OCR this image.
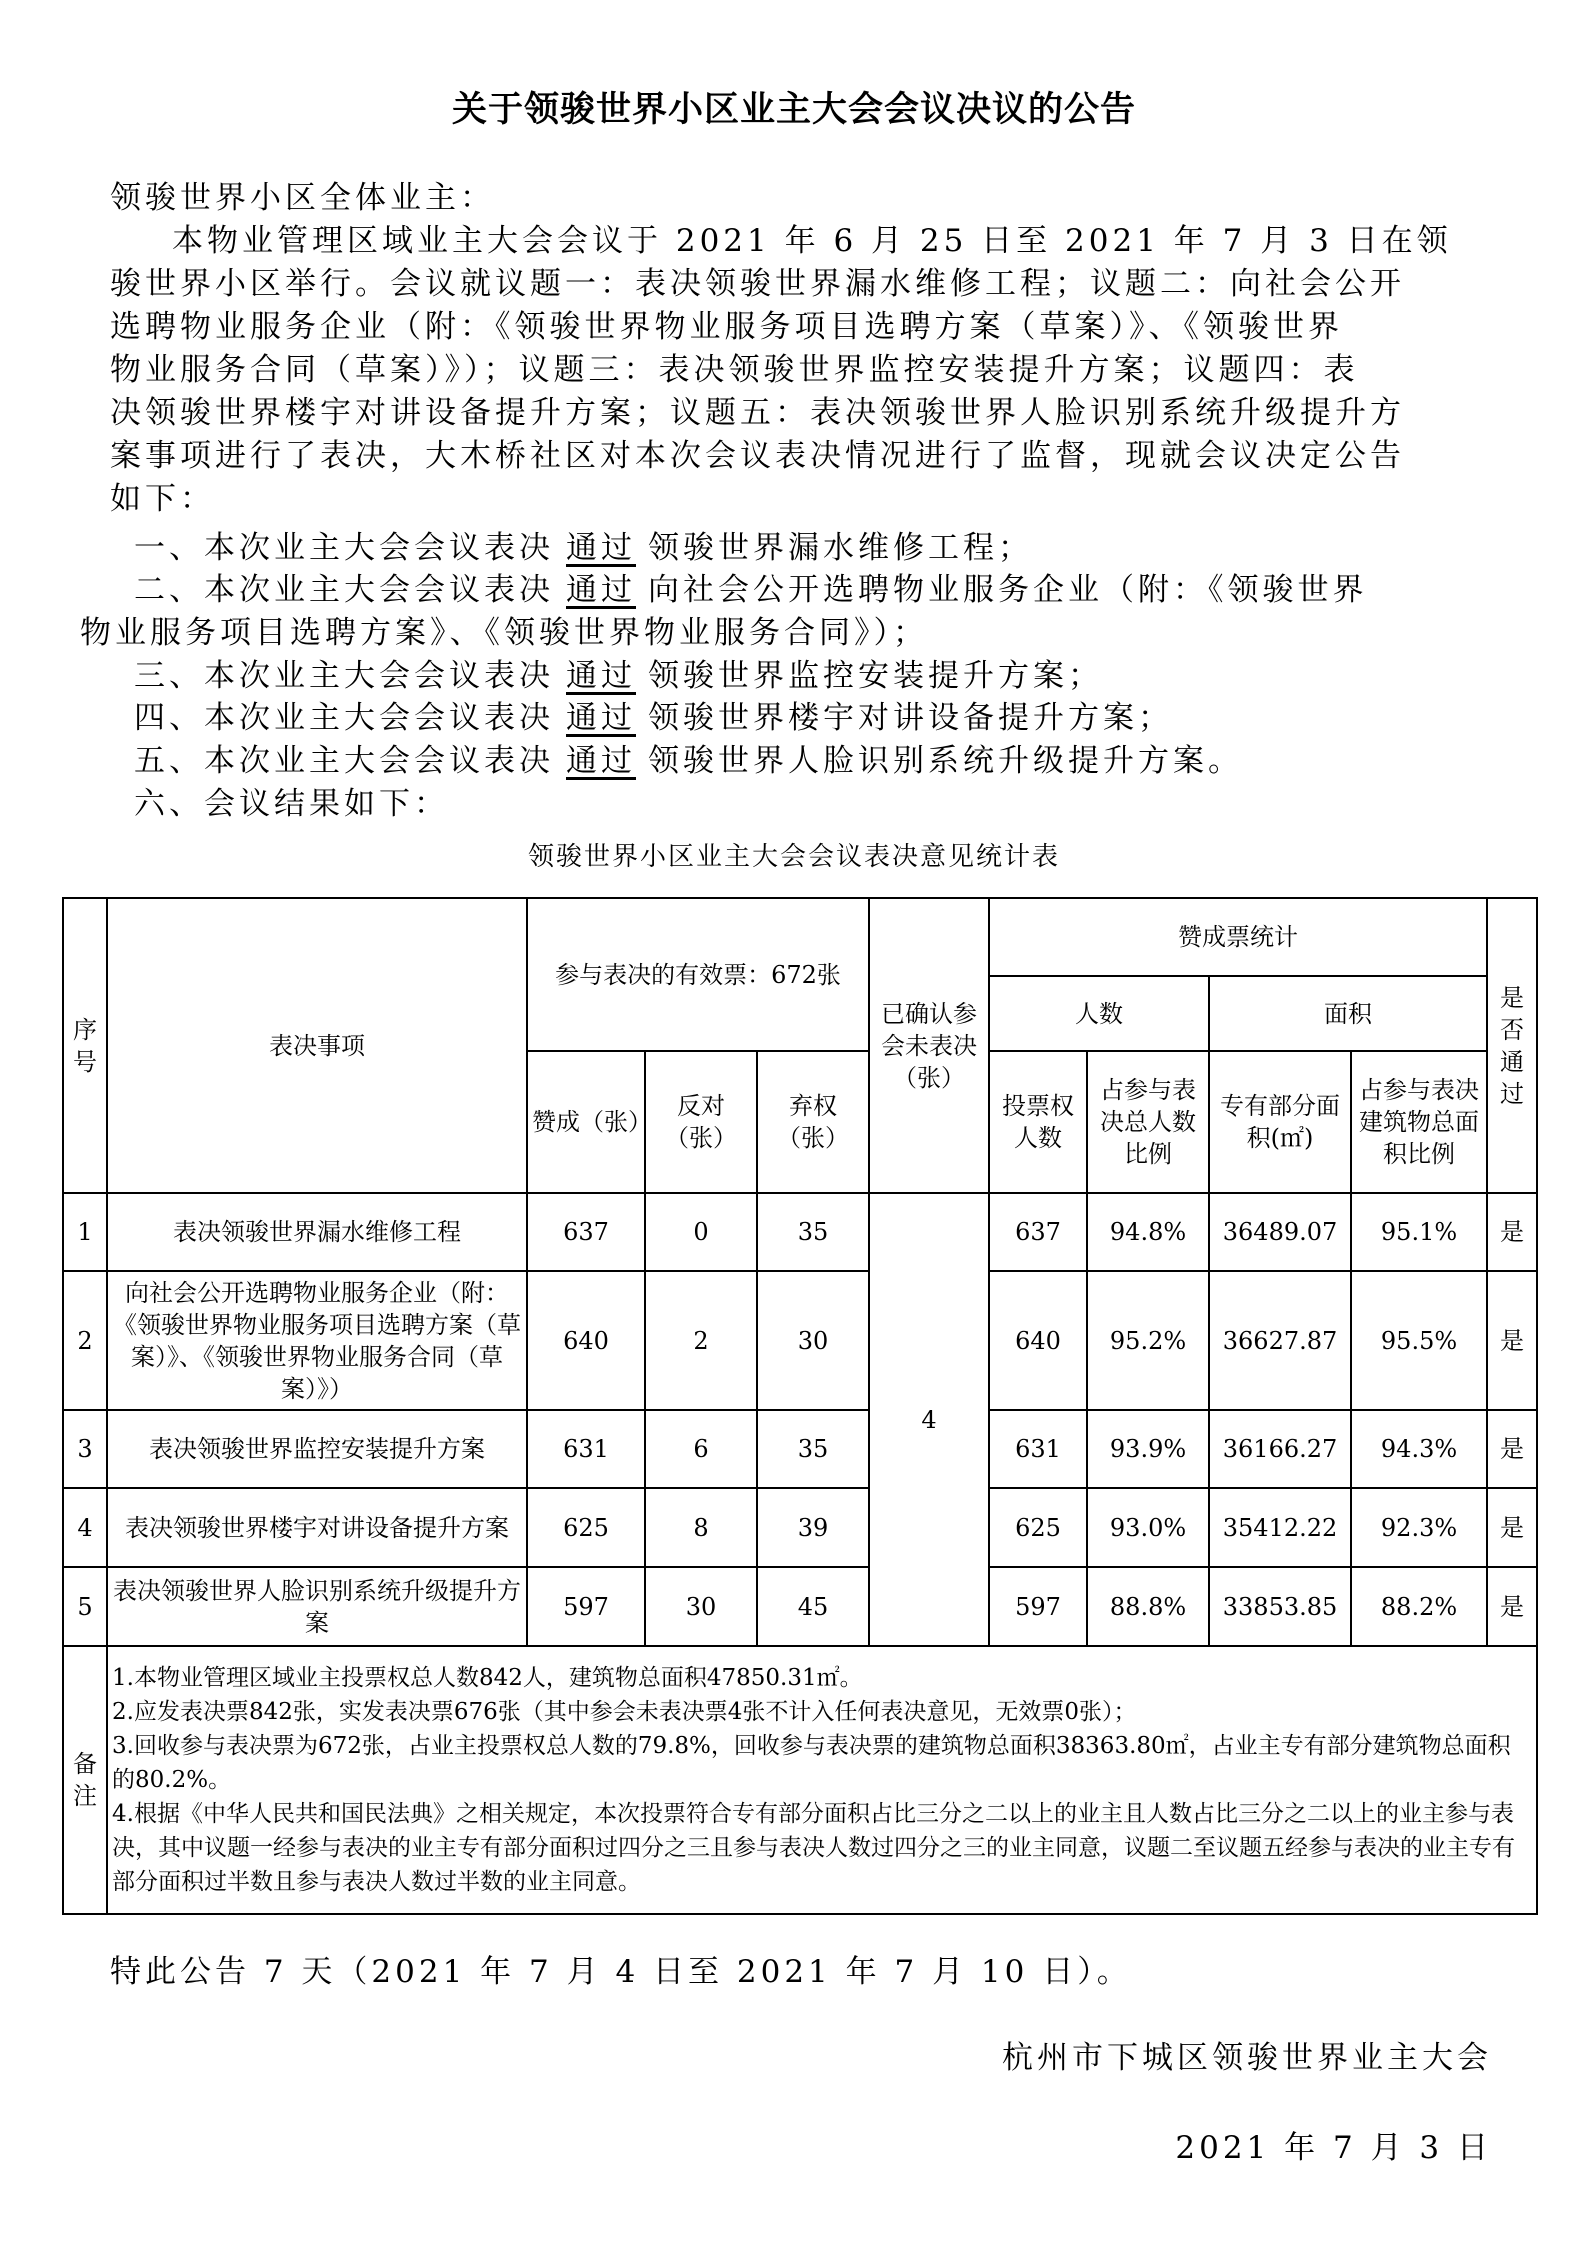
关于领骏世界小区业主大会会议决议的公告
领骏世界小区全体业主：
本物业管理区域业主大会会议于 2021 年 6 月 25 日至 2021 年 7 月 3 日在领
骏世界小区举行。会议就议题一：表决领骏世界漏水维修工程；议题二：向社会公开
选聘物业服务企业（附：《领骏世界物业服务项目选聘方案（草案）》、《领骏世界
物业服务合同（草案）》）；议题三：表决领骏世界监控安装提升方案；议题四：表
决领骏世界楼宇对讲设备提升方案；议题五：表决领骏世界人脸识别系统升级提升方
案事项进行了表决，大木桥社区对本次会议表决情况进行了监督，现就会议决定公告
如下：
一、本次业主大会会议表决 通过 领骏世界漏水维修工程；
二、本次业主大会会议表决 通过 向社会公开选聘物业服务企业（附：《领骏世界
物业服务项目选聘方案》、《领骏世界物业服务合同》）；
三、本次业主大会会议表决 通过 领骏世界监控安装提升方案；
四、本次业主大会会议表决 通过 领骏世界楼宇对讲设备提升方案；
五、本次业主大会会议表决 通过 领骏世界人脸识别系统升级提升方案。
六、会议结果如下：
领骏世界小区业主大会会议表决意见统计表
序号	表决事项	参与表决的有效票：672张			已确认参会未表决（张）	赞成票统计				是否通过
						人数		面积		
		赞成（张）	反对（张）	弃权（张）		投票权人数	占参与表决总人数比例	专有部分面积(㎡)	占参与表决建筑物总面积比例	
1	表决领骏世界漏水维修工程	637	0	35	4	637	94.8%	36489.07	95.1%	是
2	向社会公开选聘物业服务企业（附：《领骏世界物业服务项目选聘方案（草案）》、《领骏世界物业服务合同（草案）》）	640	2	30		640	95.2%	36627.87	95.5%	是
3	表决领骏世界监控安装提升方案	631	6	35		631	93.9%	36166.27	94.3%	是
4	表决领骏世界楼宇对讲设备提升方案	625	8	39		625	93.0%	35412.22	92.3%	是
5	表决领骏世界人脸识别系统升级提升方案	597	30	45		597	88.8%	33853.85	88.2%	是
备注	1.本物业管理区域业主投票权总人数842人，建筑物总面积47850.31㎡。
2.应发表决票842张，实发表决票676张（其中参会未表决票4张不计入任何表决意见，无效票0张）；
3.回收参与表决票为672张，占业主投票权总人数的79.8%，回收参与表决票的建筑物总面积38363.80㎡，占业主专有部分建筑物总面积的80.2%。
4.根据《中华人民共和国民法典》之相关规定，本次投票符合专有部分面积占比三分之二以上的业主且人数占比三分之二以上的业主参与表决，其中议题一经参与表决的业主专有部分面积过四分之三且参与表决人数过四分之三的业主同意，议题二至议题五经参与表决的业主专有部分面积过半数且参与表决人数过半数的业主同意。									
特此公告 7 天（2021 年 7 月 4 日至 2021 年 7 月 10 日）。
杭州市下城区领骏世界业主大会
2021 年 7 月 3 日
